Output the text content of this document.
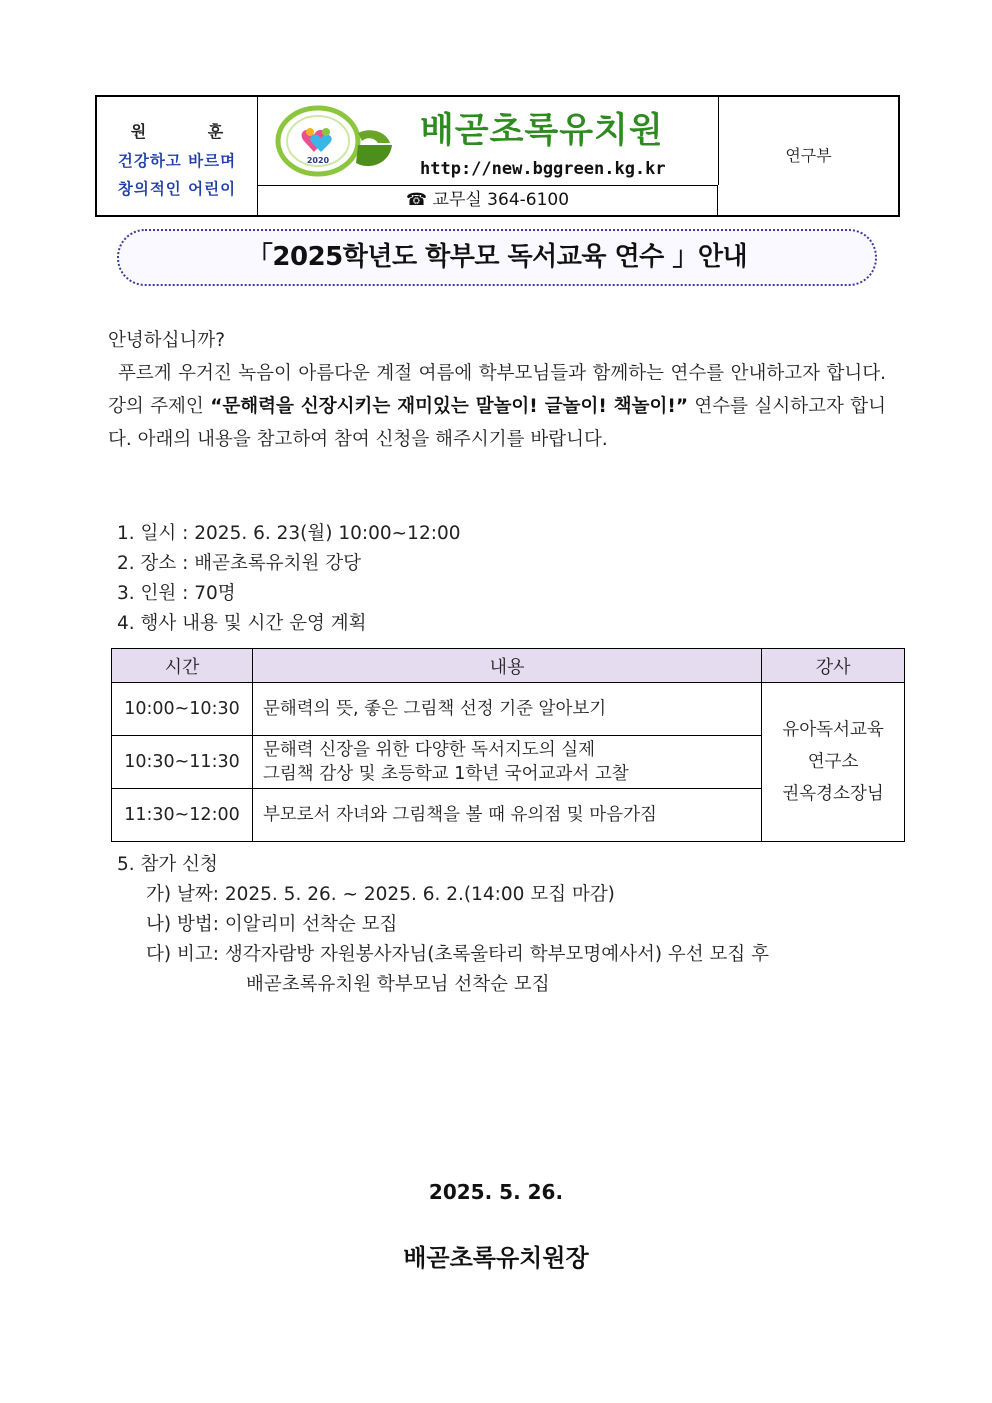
원 훈
건강하고 바르며
창의적인 어린이
2020
배곧초록유치원
http://new.bggreen.kg.kr
☎ 교무실 364-6100
연구부
「2025학년도 학부모 독서교육 연수 」안내
안녕하십니까?
푸르게 우거진 녹음이 아름다운 계절 여름에 학부모님들과 함께하는 연수를 안내하고자 합니다. 강의 주제인 “문해력을 신장시키는 재미있는 말놀이! 글놀이! 책놀이!” 연수를 실시하고자 합니다. 아래의 내용을 참고하여 참여 신청을 해주시기를 바랍니다.
1. 일시 : 2025. 6. 23(월) 10:00~12:00
2. 장소 : 배곧초록유치원 강당
3. 인원 : 70명
4. 행사 내용 및 시간 운영 계획
시간	내용	강사
10:00~10:30	문해력의 뜻, 좋은 그림책 선정 기준 알아보기	유아독서교육
연구소
권옥경소장님

10:30~11:30	문해력 신장을 위한 다양한 독서지도의 실제
그림책 감상 및 초등학교 1학년 국어교과서 고찰	

11:30~12:00	부모로서 자녀와 그림책을 볼 때 유의점 및 마음가짐	
5. 참가 신청
가) 날짜: 2025. 5. 26. ~ 2025. 6. 2.(14:00 모집 마감)
나) 방법: 이알리미 선착순 모집
다) 비고: 생각자람방 자원봉사자님(초록울타리 학부모명예사서) 우선 모집 후
배곧초록유치원 학부모님 선착순 모집
2025. 5. 26.
배곧초록유치원장
